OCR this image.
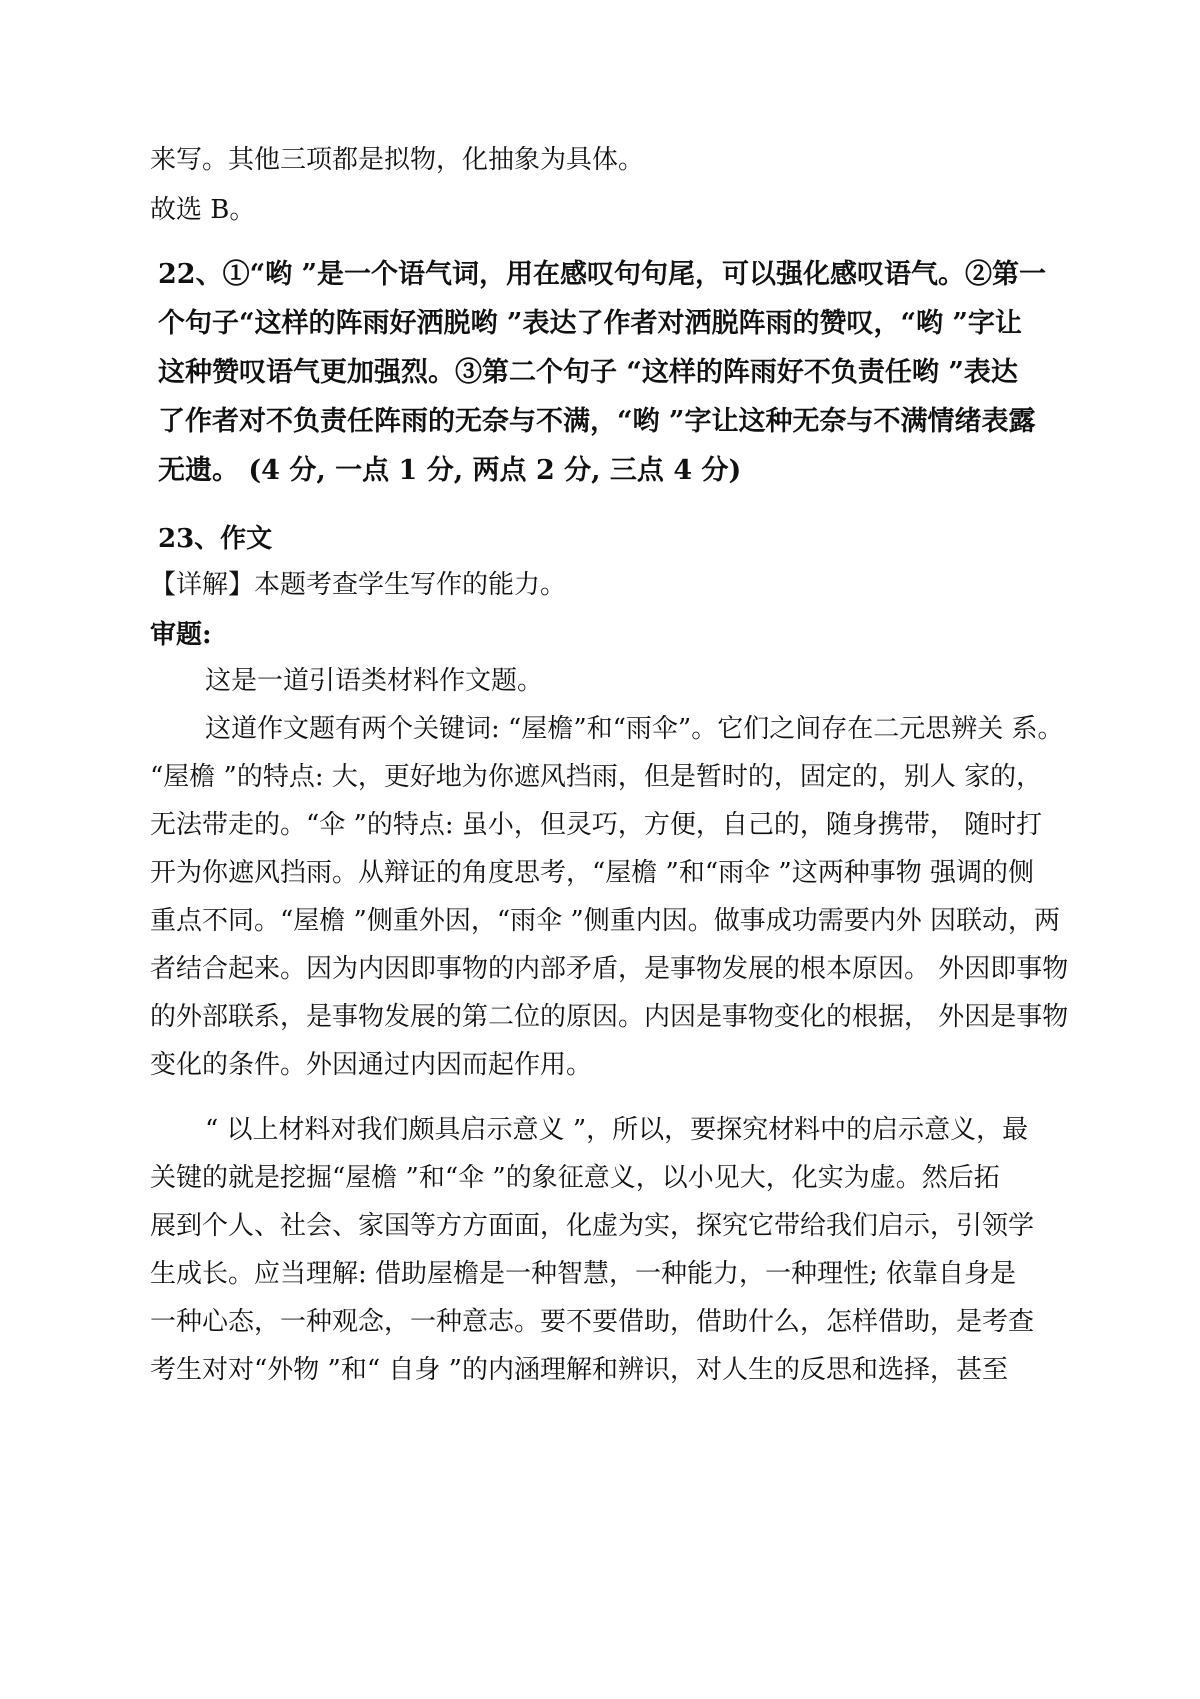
来写。其他三项都是拟物，化抽象为具体。
故选 B。
22、①“哟 ”是一个语气词，用在感叹句句尾，可以强化感叹语气。②第一
个句子“这样的阵雨好洒脱哟 ”表达了作者对洒脱阵雨的赞叹，“哟 ”字让
这种赞叹语气更加强烈。③第二个句子 “这样的阵雨好不负责任哟 ”表达
了作者对不负责任阵雨的无奈与不满，“哟 ”字让这种无奈与不满情绪表露
无遗。 (4 分, 一点 1 分, 两点 2 分, 三点 4 分)
23、作文
【详解】本题考查学生写作的能力。
审题:
这是一道引语类材料作文题。
这道作文题有两个关键词: “屋檐”和“雨伞”。它们之间存在二元思辨关 系。
“屋檐 ”的特点: 大，更好地为你遮风挡雨，但是暂时的，固定的，别人 家的，
无法带走的。“伞 ”的特点: 虽小，但灵巧，方便，自己的，随身携带， 随时打
开为你遮风挡雨。从辩证的角度思考，“屋檐 ”和“雨伞 ”这两种事物 强调的侧
重点不同。“屋檐 ”侧重外因，“雨伞 ”侧重内因。做事成功需要内外 因联动，两
者结合起来。因为内因即事物的内部矛盾，是事物发展的根本原因。 外因即事物
的外部联系，是事物发展的第二位的原因。内因是事物变化的根据， 外因是事物
变化的条件。外因通过内因而起作用。
“ 以上材料对我们颇具启示意义 ”，所以，要探究材料中的启示意义，最
关键的就是挖掘“屋檐 ”和“伞 ”的象征意义，以小见大，化实为虚。然后拓
展到个人、社会、家国等方方面面，化虚为实，探究它带给我们启示，引领学
生成长。应当理解: 借助屋檐是一种智慧，一种能力，一种理性; 依靠自身是
一种心态，一种观念，一种意志。要不要借助，借助什么，怎样借助，是考查
考生对对“外物 ”和“ 自身 ”的内涵理解和辨识，对人生的反思和选择，甚至
